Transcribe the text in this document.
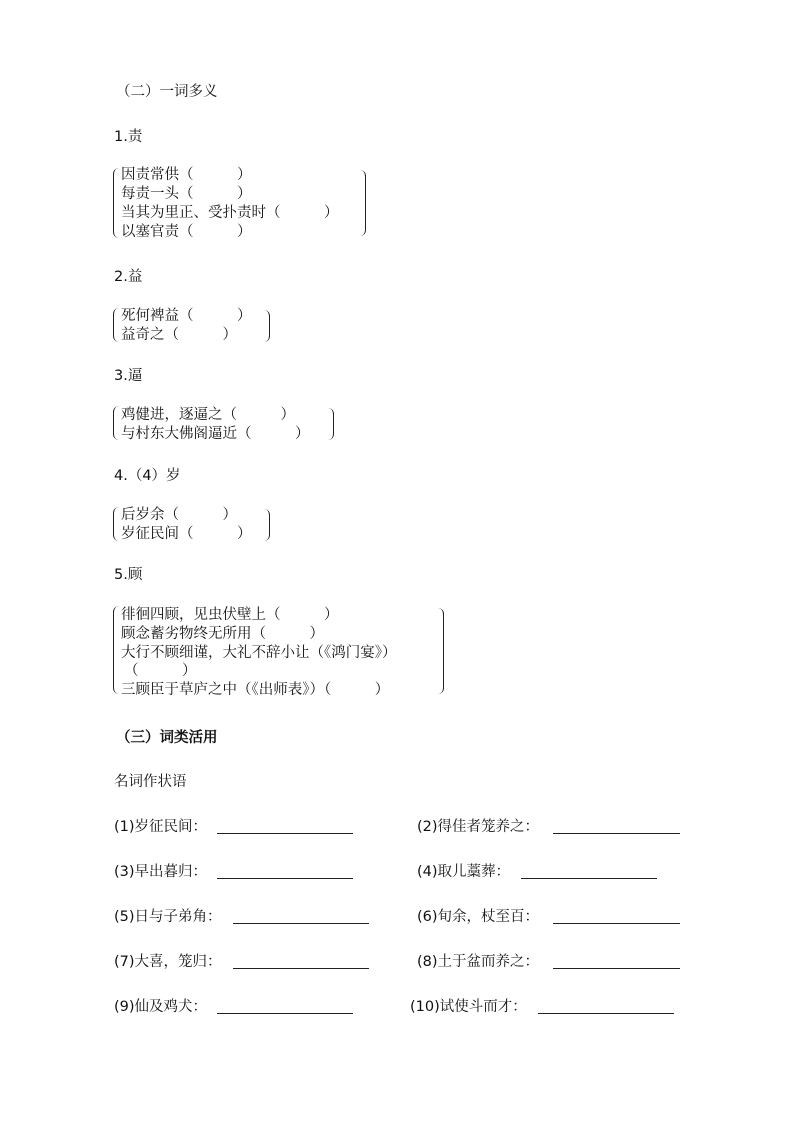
（二）一词多义
1.责
因责常供（　　　）
每责一头（　　　）
当其为里正、受扑责时（　　　）
以塞官责（　　　）
2.益
死何裨益（　　　）
益奇之（　　　）
3.逼
鸡健进，逐逼之（　　　）
与村东大佛阁逼近（　　　）
4.（4）岁
后岁余（　　　）
岁征民间（　　　）
5.顾
徘徊四顾，见虫伏壁上（　　　）
顾念蓄劣物终无所用（　　　）
大行不顾细谨，大礼不辞小让（《鸿门宴》）
（　　　）
三顾臣于草庐之中（《出师表》）（　　　）
（三）词类活用
名词作状语
(1)岁征民间：	(2)得佳者笼养之：
(3)早出暮归：	(4)取儿藁葬：
(5)日与子弟角：	(6)旬余，杖至百：
(7)大喜，笼归：	(8)土于盆而养之：
(9)仙及鸡犬：	(10)试使斗而才：
